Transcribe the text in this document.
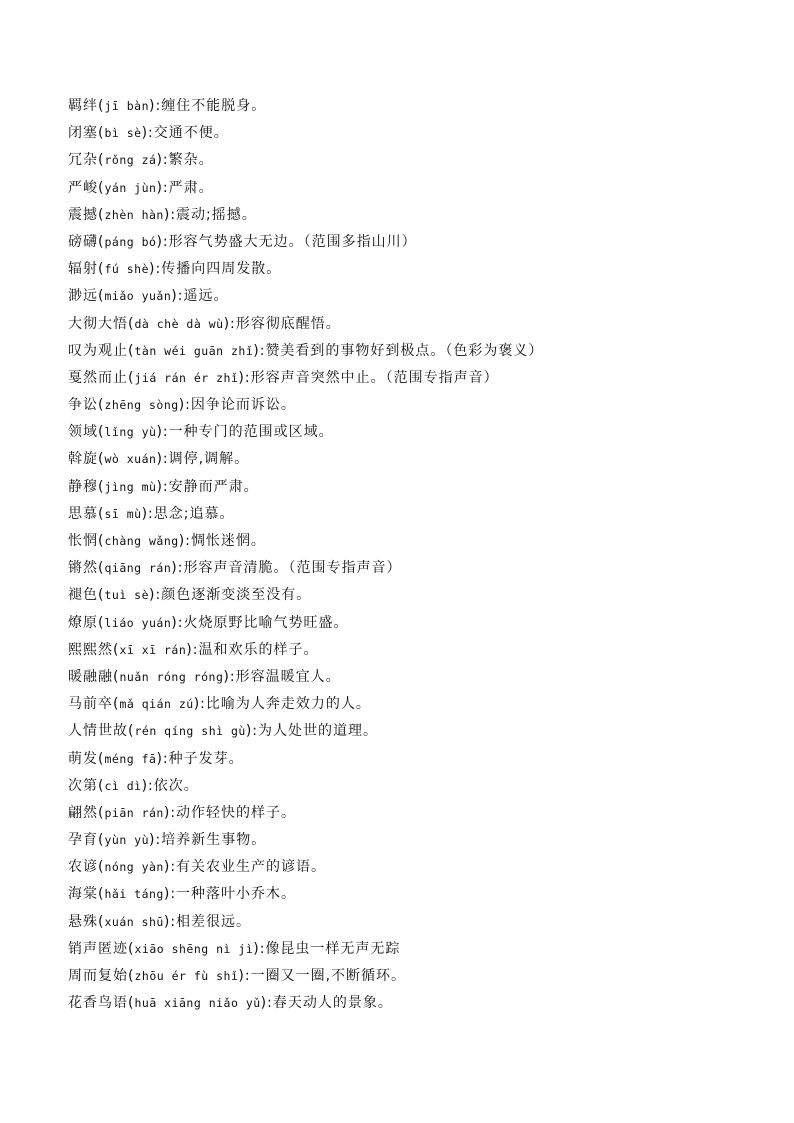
羁绊(jī bàn):缠住不能脱身。
闭塞(bì sè):交通不便。
冗杂(rǒng zá):繁杂。
严峻(yán jùn):严肃。
震撼(zhèn hàn):震动;摇撼。
磅礴(páng bó):形容气势盛大无边。（范围多指山川）
辐射(fú shè):传播向四周发散。
渺远(miǎo yuǎn):遥远。
大彻大悟(dà chè dà wù):形容彻底醒悟。
叹为观止(tàn wéi guān zhǐ):赞美看到的事物好到极点。（色彩为褒义）
戛然而止(jiá rán ér zhǐ):形容声音突然中止。（范围专指声音）
争讼(zhēng sòng):因争论而诉讼。
领域(lǐng yù):一种专门的范围或区域。
斡旋(wò xuán):调停,调解。
静穆(jìng mù):安静而严肃。
思慕(sī mù):思念;追慕。
怅惘(chàng wǎng):惆怅迷惘。
锵然(qiāng rán):形容声音清脆。（范围专指声音）
褪色(tuì sè):颜色逐渐变淡至没有。
燎原(liáo yuán):火烧原野比喻气势旺盛。
熙熙然(xī xī rán):温和欢乐的样子。
暖融融(nuǎn róng róng):形容温暖宜人。
马前卒(mǎ qián zú):比喻为人奔走效力的人。
人情世故(rén qíng shì gù):为人处世的道理。
萌发(méng fā):种子发芽。
次第(cì dì):依次。
翩然(piān rán):动作轻快的样子。
孕育(yùn yù):培养新生事物。
农谚(nóng yàn):有关农业生产的谚语。
海棠(hǎi táng):一种落叶小乔木。
悬殊(xuán shū):相差很远。
销声匿迹(xiāo shēng nì jì):像昆虫一样无声无踪
周而复始(zhōu ér fù shǐ):一圈又一圈,不断循环。
花香鸟语(huā xiāng niǎo yǔ):春天动人的景象。
